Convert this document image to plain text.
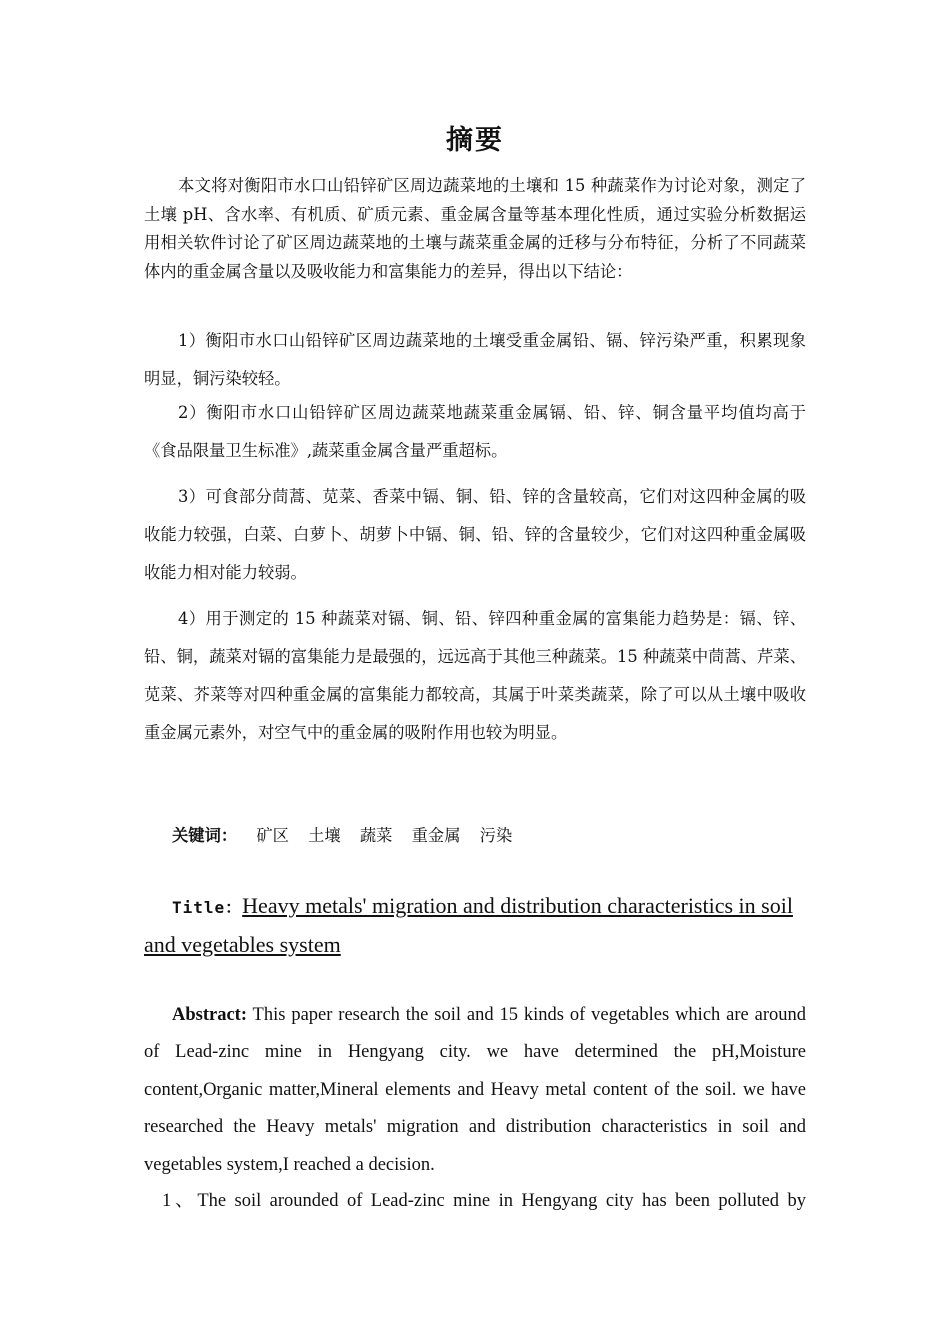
摘要
本文将对衡阳市水口山铅锌矿区周边蔬菜地的土壤和 15 种蔬菜作为讨论对象，测定了土壤 pH、含水率、有机质、矿质元素、重金属含量等基本理化性质，通过实验分析数据运用相关软件讨论了矿区周边蔬菜地的土壤与蔬菜重金属的迁移与分布特征，分析了不同蔬菜体内的重金属含量以及吸收能力和富集能力的差异，得出以下结论：
1）衡阳市水口山铅锌矿区周边蔬菜地的土壤受重金属铅、镉、锌污染严重，积累现象明显，铜污染较轻。
2）衡阳市水口山铅锌矿区周边蔬菜地蔬菜重金属镉、铅、锌、铜含量平均值均高于《食品限量卫生标准》,蔬菜重金属含量严重超标。
3）可食部分茼蒿、苋菜、香菜中镉、铜、铅、锌的含量较高，它们对这四种金属的吸收能力较强，白菜、白萝卜、胡萝卜中镉、铜、铅、锌的含量较少，它们对这四种重金属吸收能力相对能力较弱。
4）用于测定的 15 种蔬菜对镉、铜、铅、锌四种重金属的富集能力趋势是：镉、锌、铅、铜，蔬菜对镉的富集能力是最强的，远远高于其他三种蔬菜。15 种蔬菜中茼蒿、芹菜、苋菜、芥菜等对四种重金属的富集能力都较高，其属于叶菜类蔬菜，除了可以从土壤中吸收重金属元素外，对空气中的重金属的吸附作用也较为明显。
关键词： 矿区 土壤 蔬菜 重金属 污染
Title：Heavy metals' migration and distribution characteristics in soil and vegetables system
Abstract: This paper research the soil and 15 kinds of vegetables which are around of Lead-zinc mine in Hengyang city. we have determined the pH,Moisture content,Organic matter,Mineral elements and Heavy metal content of the soil. we have researched the Heavy metals' migration and distribution characteristics in soil and vegetables system,I reached a decision.
1、The soil arounded of Lead-zinc mine in Hengyang city has been polluted by
